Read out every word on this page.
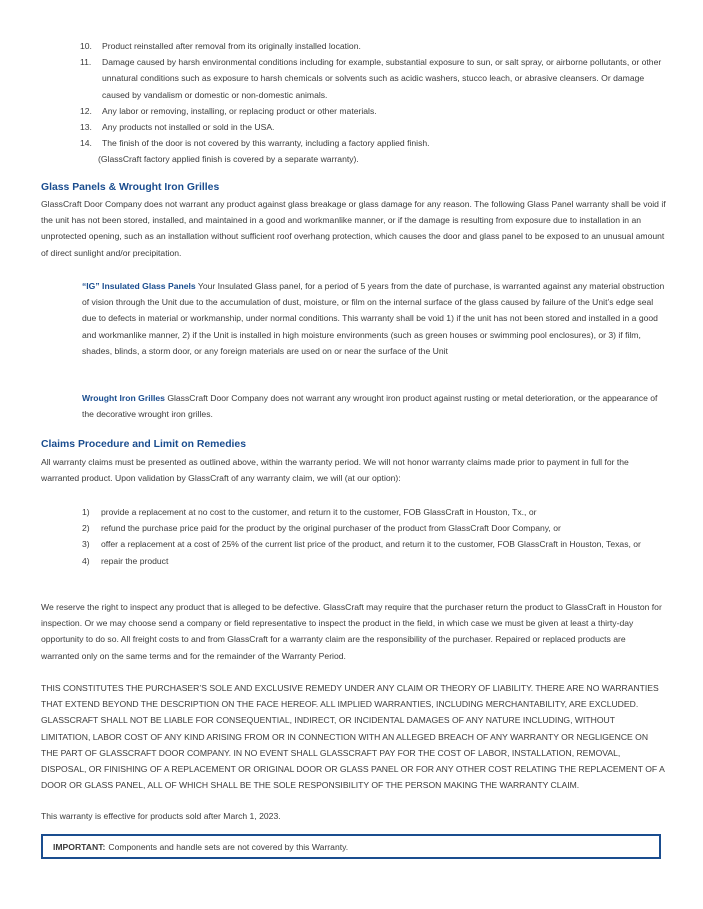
10. Product reinstalled after removal from its originally installed location.
11. Damage caused by harsh environmental conditions including for example, substantial exposure to sun, or salt spray, or airborne pollutants, or other unnatural conditions such as exposure to harsh chemicals or solvents such as acidic washers, stucco leach, or abrasive cleansers. Or damage caused by vandalism or domestic or non-domestic animals.
12. Any labor or removing, installing, or replacing product or other materials.
13. Any products not installed or sold in the USA.
14. The finish of the door is not covered by this warranty, including a factory applied finish.
(GlassCraft factory applied finish is covered by a separate warranty).
Glass Panels & Wrought Iron Grilles

GlassCraft Door Company does not warrant any product against glass breakage or glass damage for any reason. The following Glass Panel warranty shall be void if the unit has not been stored, installed, and maintained in a good and workmanlike manner, or if the damage is resulting from exposure due to installation in an unprotected opening, such as an installation without sufficient roof overhang protection, which causes the door and glass panel to be exposed to an unusual amount of direct sunlight and/or precipitation.

“IG” Insulated Glass Panels Your Insulated Glass panel, for a period of 5 years from the date of purchase, is warranted against any material obstruction of vision through the Unit due to the accumulation of dust, moisture, or film on the internal surface of the glass caused by failure of the Unit’s edge seal due to defects in material or workmanship, under normal conditions. This warranty shall be void 1) if the unit has not been stored and installed in a good and workmanlike manner, 2) if the Unit is installed in high moisture environments (such as green houses or swimming pool enclosures), or 3) if film, shades, blinds, a storm door, or any foreign materials are used on or near the surface of the Unit

Wrought Iron Grilles GlassCraft Door Company does not warrant any wrought iron product against rusting or metal deterioration, or the appearance of the decorative wrought iron grilles.

Claims Procedure and Limit on Remedies

All warranty claims must be presented as outlined above, within the warranty period. We will not honor warranty claims made prior to payment in full for the warranted product. Upon validation by GlassCraft of any warranty claim, we will (at our option):

1) provide a replacement at no cost to the customer, and return it to the customer, FOB GlassCraft in Houston, Tx., or
2) refund the purchase price paid for the product by the original purchaser of the product from GlassCraft Door Company, or
3) offer a replacement at a cost of 25% of the current list price of the product, and return it to the customer, FOB GlassCraft in Houston, Texas, or
4) repair the product

We reserve the right to inspect any product that is alleged to be defective. GlassCraft may require that the purchaser return the product to GlassCraft in Houston for inspection. Or we may choose send a company or field representative to inspect the product in the field, in which case we must be given at least a thirty-day opportunity to do so. All freight costs to and from GlassCraft for a warranty claim are the responsibility of the purchaser. Repaired or replaced products are warranted only on the same terms and for the remainder of the Warranty Period.

THIS CONSTITUTES THE PURCHASER’S SOLE AND EXCLUSIVE REMEDY UNDER ANY CLAIM OR THEORY OF LIABILITY. THERE ARE NO WARRANTIES THAT EXTEND BEYOND THE DESCRIPTION ON THE FACE HEREOF. ALL IMPLIED WARRANTIES, INCLUDING MERCHANTABILITY, ARE EXCLUDED. GLASSCRAFT SHALL NOT BE LIABLE FOR CONSEQUENTIAL, INDIRECT, OR INCIDENTAL DAMAGES OF ANY NATURE INCLUDING, WITHOUT LIMITATION, LABOR COST OF ANY KIND ARISING FROM OR IN CONNECTION WITH AN ALLEGED BREACH OF ANY WARRANTY OR NEGLIGENCE ON THE PART OF GLASSCRAFT DOOR COMPANY. IN NO EVENT SHALL GLASSCRAFT PAY FOR THE COST OF LABOR, INSTALLATION, REMOVAL, DISPOSAL, OR FINISHING OF A REPLACEMENT OR ORIGINAL DOOR OR GLASS PANEL OR FOR ANY OTHER COST RELATING THE REPLACEMENT OF A DOOR OR GLASS PANEL, ALL OF WHICH SHALL BE THE SOLE RESPONSIBILITY OF THE PERSON MAKING THE WARRANTY CLAIM.

This warranty is effective for products sold after March 1, 2023.

IMPORTANT: Components and handle sets are not covered by this Warranty.
